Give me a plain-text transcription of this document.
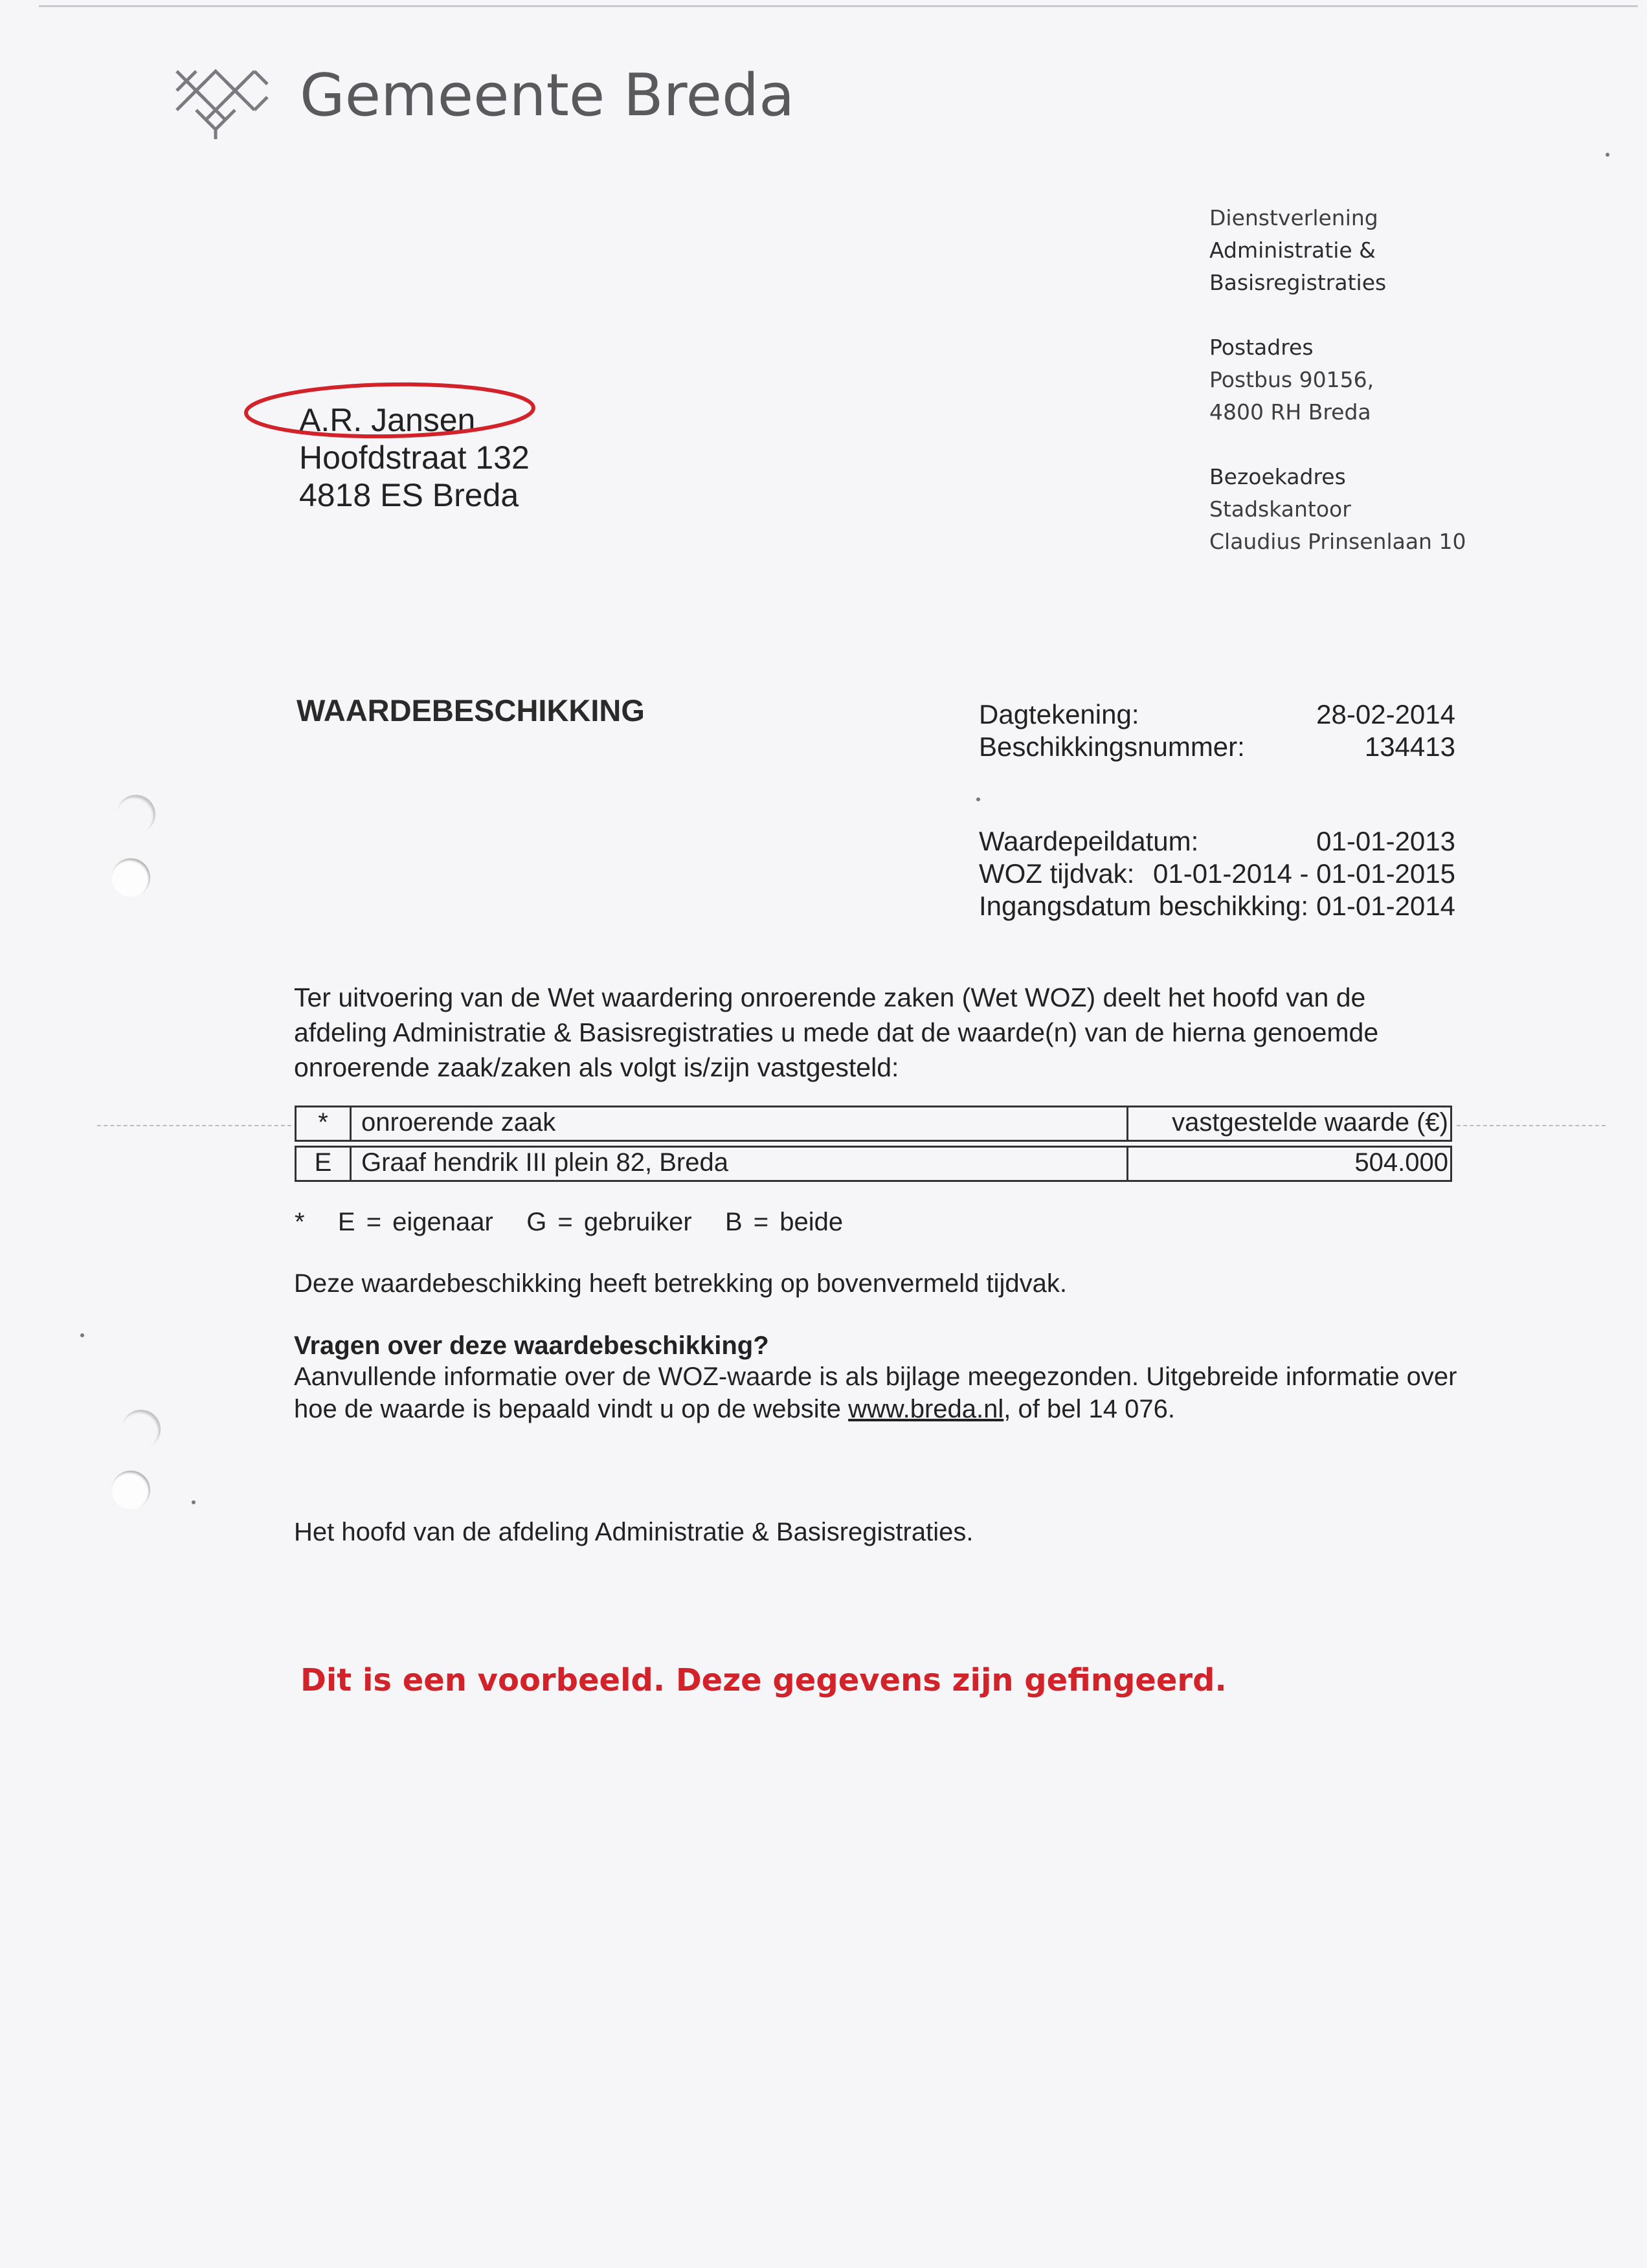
Gemeente Breda
Dienstverlening
Administratie &
Basisregistraties
Postadres
Postbus 90156,
4800 RH Breda
Bezoekadres
Stadskantoor
Claudius Prinsenlaan 10
A.R. Jansen
Hoofdstraat 132
4818 ES Breda
WAARDEBESCHIKKING	Dagtekening:	28-02-2014
Beschikkingsnummer:	134413
Waardepeildatum:	01-01-2013
WOZ tijdvak: 01-01-2014 - 01-01-2015
Ingangsdatum beschikking: 01-01-2014
Ter uitvoering van de Wet waardering onroerende zaken (Wet WOZ) deelt het hoofd van de afdeling Administratie & Basisregistraties u mede dat de waarde(n) van de hierna genoemde onroerende zaak/zaken als volgt is/zijn vastgesteld:
*	onroerende zaak	vastgestelde waarde (€)
E	Graaf hendrik III plein 82, Breda	504.000
*   E = eigenaar   G = gebruiker   B = beide
Deze waardebeschikking heeft betrekking op bovenvermeld tijdvak.
Vragen over deze waardebeschikking?
Aanvullende informatie over de WOZ-waarde is als bijlage meegezonden. Uitgebreide informatie over hoe de waarde is bepaald vindt u op de website www.breda.nl, of bel 14 076.
Het hoofd van de afdeling Administratie & Basisregistraties.
Dit is een voorbeeld. Deze gegevens zijn gefingeerd.
